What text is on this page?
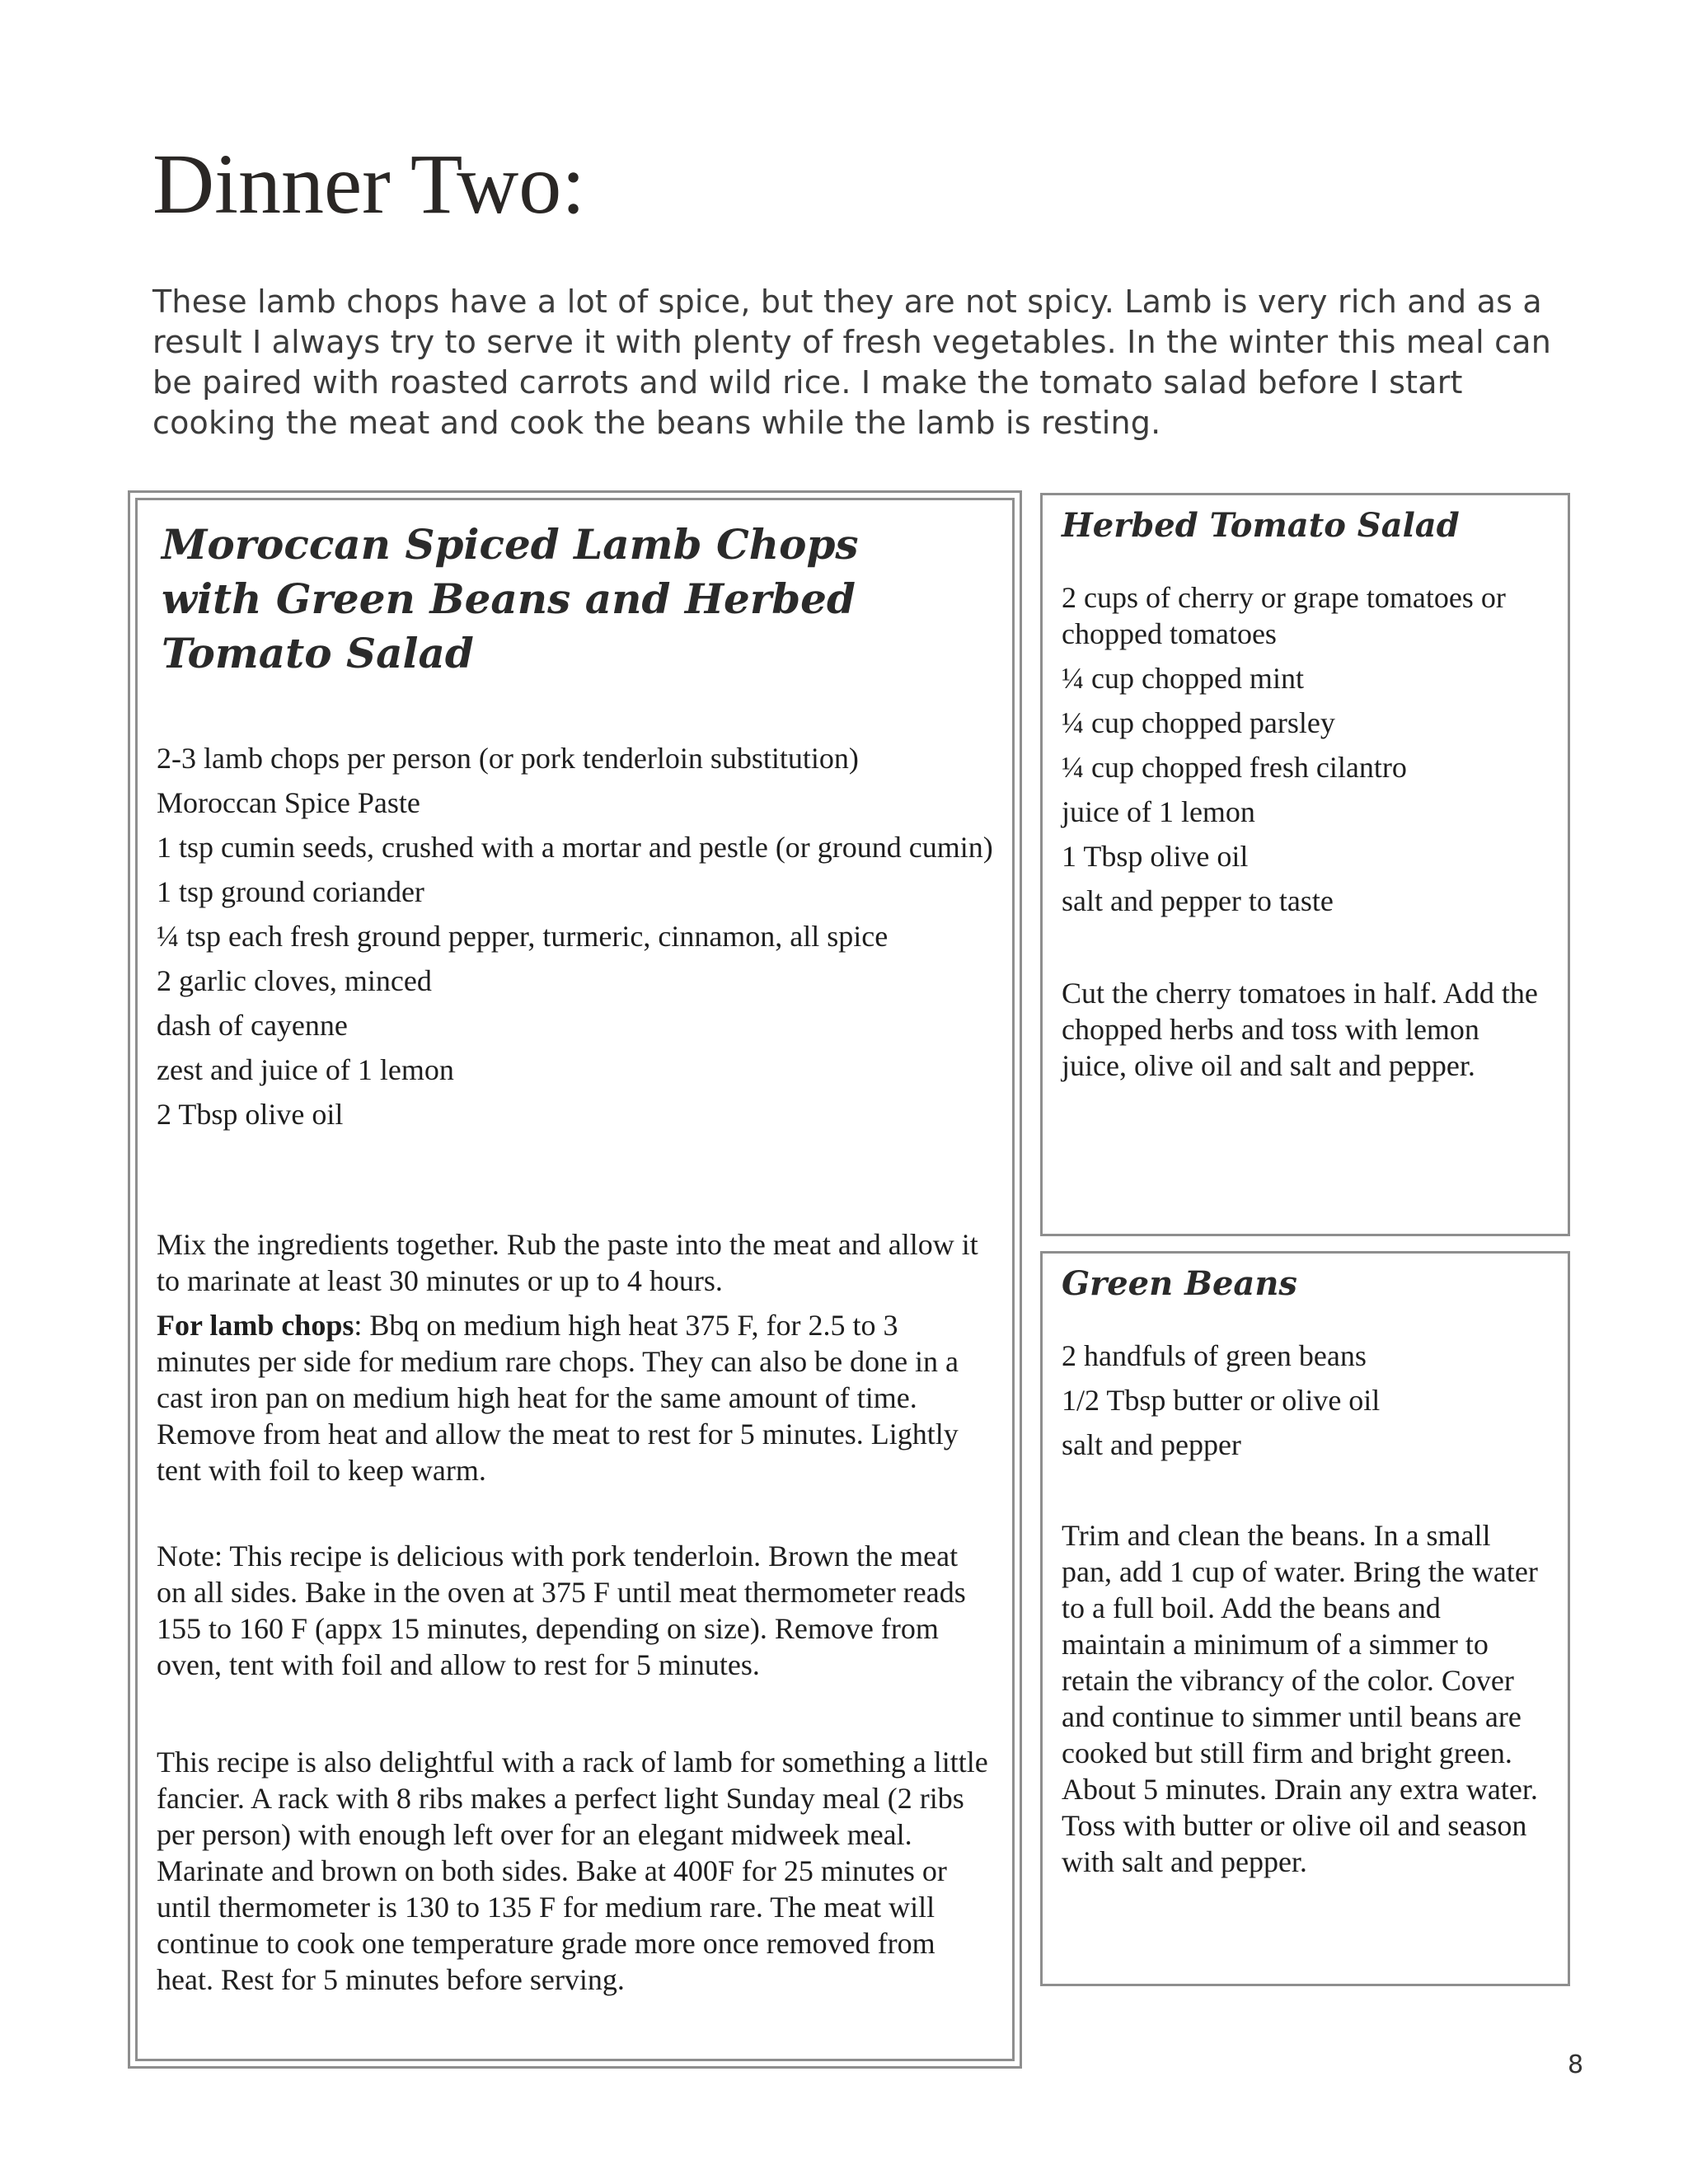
Dinner Two:

These lamb chops have a lot of spice, but they are not spicy. Lamb is very rich and as a result I always try to serve it with plenty of fresh vegetables. In the winter this meal can be paired with roasted carrots and wild rice. I make the tomato salad before I start cooking the meat and cook the beans while the lamb is resting.

Moroccan Spiced Lamb Chops with Green Beans and Herbed Tomato Salad
2-3 lamb chops per person (or pork tenderloin substitution)
Moroccan Spice Paste
1 tsp cumin seeds, crushed with a mortar and pestle (or ground cumin)
1 tsp ground coriander
¼ tsp each fresh ground pepper, turmeric, cinnamon, all spice
2 garlic cloves, minced
dash of cayenne
zest and juice of 1 lemon
2 Tbsp olive oil

Mix the ingredients together. Rub the paste into the meat and allow it to marinate at least 30 minutes or up to 4 hours.

For lamb chops: Bbq on medium high heat 375 F, for 2.5 to 3 minutes per side for medium rare chops. They can also be done in a cast iron pan on medium high heat for the same amount of time. Remove from heat and allow the meat to rest for 5 minutes. Lightly tent with foil to keep warm.

Note: This recipe is delicious with pork tenderloin. Brown the meat on all sides. Bake in the oven at 375 F until meat thermometer reads 155 to 160 F (appx 15 minutes, depending on size). Remove from oven, tent with foil and allow to rest for 5 minutes.

This recipe is also delightful with a rack of lamb for something a little fancier. A rack with 8 ribs makes a perfect light Sunday meal (2 ribs per person) with enough left over for an elegant midweek meal. Marinate and brown on both sides. Bake at 400F for 25 minutes or until thermometer is 130 to 135 F for medium rare. The meat will continue to cook one temperature grade more once removed from heat. Rest for 5 minutes before serving.

Herbed Tomato Salad
2 cups of cherry or grape tomatoes or chopped tomatoes
¼ cup chopped mint
¼ cup chopped parsley
¼ cup chopped fresh cilantro
juice of 1 lemon
1 Tbsp olive oil
salt and pepper to taste

Cut the cherry tomatoes in half. Add the chopped herbs and toss with lemon juice, olive oil and salt and pepper.

Green Beans
2 handfuls of green beans
1/2 Tbsp butter or olive oil
salt and pepper

Trim and clean the beans. In a small pan, add 1 cup of water. Bring the water to a full boil. Add the beans and maintain a minimum of a simmer to retain the vibrancy of the color. Cover and continue to simmer until beans are cooked but still firm and bright green. About 5 minutes. Drain any extra water. Toss with butter or olive oil and season with salt and pepper.

8
